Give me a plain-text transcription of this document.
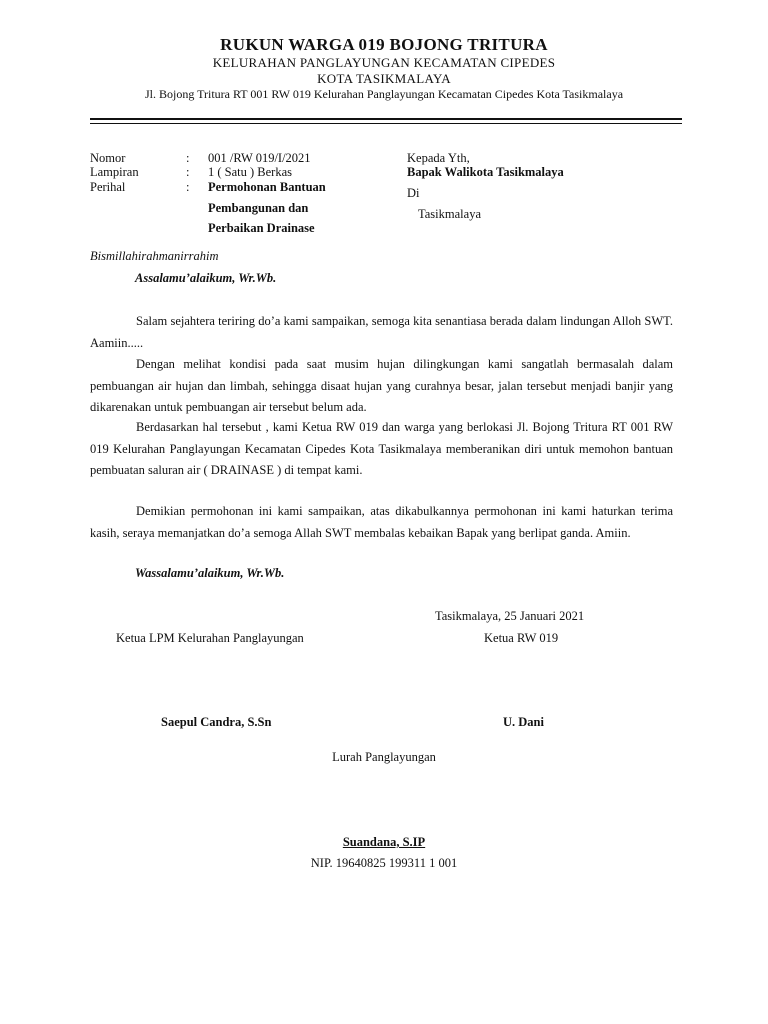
RUKUN WARGA 019 BOJONG TRITURA
KELURAHAN PANGLAYUNGAN KECAMATAN CIPEDES
KOTA TASIKMALAYA
Jl. Bojong Tritura RT 001 RW 019 Kelurahan Panglayungan Kecamatan Cipedes Kota Tasikmalaya
Nomor	: 001 /RW 019/I/2021
Lampiran	: 1 ( Satu ) Berkas
Perihal	: Permohonan Bantuan
Pembangunan dan
Perbaikan Drainase
Kepada Yth,
Bapak Walikota Tasikmalaya
Di
Tasikmalaya
Bismillahirahmanirrahim
Assalamu’alaikum, Wr.Wb.
Salam sejahtera teriring do’a kami sampaikan, semoga kita senantiasa berada dalam lindungan Alloh SWT. Aamiin.....
Dengan melihat kondisi pada saat musim hujan dilingkungan kami sangatlah bermasalah dalam pembuangan air hujan dan limbah, sehingga disaat hujan yang curahnya besar, jalan tersebut menjadi banjir yang dikarenakan untuk pembuangan air tersebut belum ada.
Berdasarkan hal tersebut , kami Ketua RW 019 dan warga yang berlokasi Jl. Bojong Tritura RT 001 RW 019 Kelurahan Panglayungan Kecamatan Cipedes Kota Tasikmalaya memberanikan diri untuk memohon bantuan pembuatan saluran air ( DRAINASE ) di tempat kami.
Demikian permohonan ini kami sampaikan, atas dikabulkannya permohonan ini kami haturkan terima kasih, seraya memanjatkan do’a semoga Allah SWT membalas kebaikan Bapak yang berlipat ganda. Amiin.
Wassalamu’alaikum, Wr.Wb.
Tasikmalaya, 25 Januari 2021
Ketua LPM Kelurahan Panglayungan	Ketua RW 019
Saepul Candra, S.Sn	U. Dani
Lurah Panglayungan
Suandana, S.IP
NIP. 19640825 199311 1 001
